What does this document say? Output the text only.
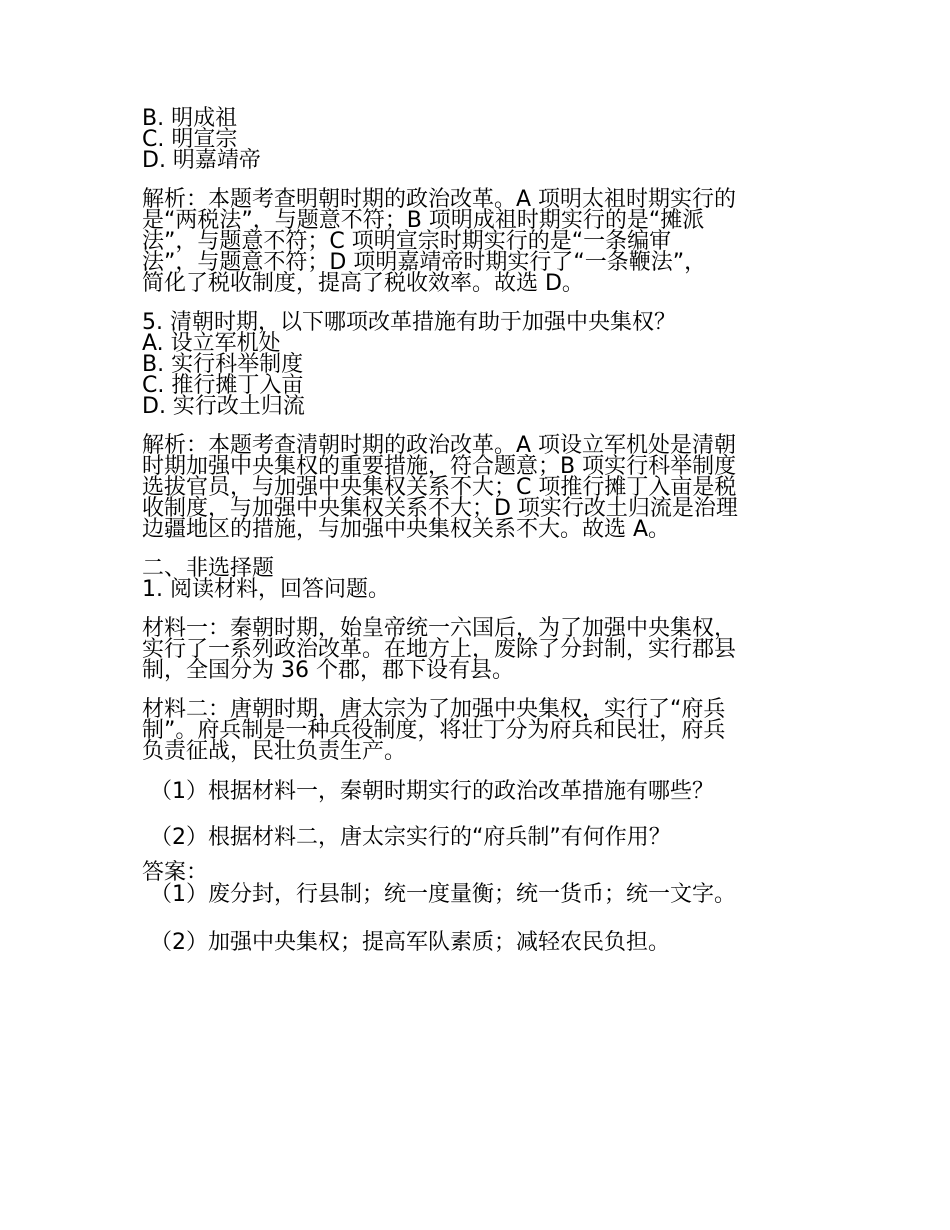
B. 明成祖
C. 明宣宗
D. 明嘉靖帝
解析：本题考查明朝时期的政治改革。A 项明太祖时期实行的
是“两税法”，与题意不符；B 项明成祖时期实行的是“摊派
法”，与题意不符；C 项明宣宗时期实行的是“一条编审
法”，与题意不符；D 项明嘉靖帝时期实行了“一条鞭法”，
简化了税收制度，提高了税收效率。故选 D。
5. 清朝时期，以下哪项改革措施有助于加强中央集权？
A. 设立军机处
B. 实行科举制度
C. 推行摊丁入亩
D. 实行改土归流
解析：本题考查清朝时期的政治改革。A 项设立军机处是清朝
时期加强中央集权的重要措施，符合题意；B 项实行科举制度
选拔官员，与加强中央集权关系不大；C 项推行摊丁入亩是税
收制度，与加强中央集权关系不大；D 项实行改土归流是治理
边疆地区的措施，与加强中央集权关系不大。故选 A。
二、非选择题
1. 阅读材料，回答问题。
材料一：秦朝时期，始皇帝统一六国后，为了加强中央集权，
实行了一系列政治改革。在地方上，废除了分封制，实行郡县
制，全国分为 36 个郡，郡下设有县。
材料二：唐朝时期，唐太宗为了加强中央集权，实行了“府兵
制”。府兵制是一种兵役制度，将壮丁分为府兵和民壮，府兵
负责征战，民壮负责生产。
（1）根据材料一，秦朝时期实行的政治改革措施有哪些？
（2）根据材料二，唐太宗实行的“府兵制”有何作用？
答案：
（1）废分封，行县制；统一度量衡；统一货币；统一文字。
（2）加强中央集权；提高军队素质；减轻农民负担。
